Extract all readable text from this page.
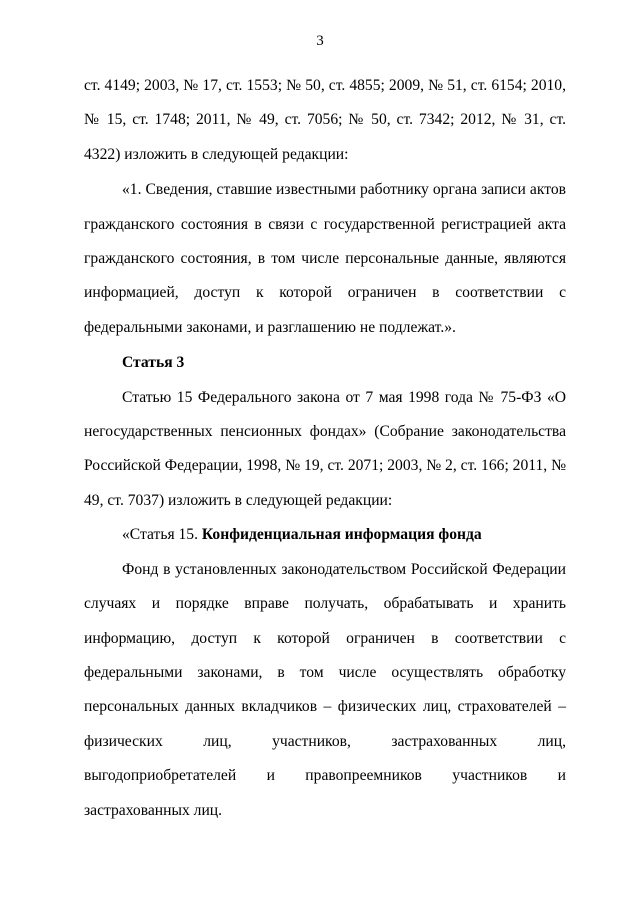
3

ст. 4149; 2003, № 17, ст. 1553; № 50, ст. 4855; 2009, № 51, ст. 6154; 2010, № 15, ст. 1748; 2011, № 49, ст. 7056; № 50, ст. 7342; 2012, № 31, ст. 4322) изложить в следующей редакции:

«1. Сведения, ставшие известными работнику органа записи актов гражданского состояния в связи с государственной регистрацией акта гражданского состояния, в том числе персональные данные, являются информацией, доступ к которой ограничен в соответствии с федеральными законами, и разглашению не подлежат.».

Статья 3

Статью 15 Федерального закона от 7 мая 1998 года № 75-ФЗ «О негосударственных пенсионных фондах» (Собрание законодательства Российской Федерации, 1998, № 19, ст. 2071; 2003, № 2, ст. 166; 2011, № 49, ст. 7037) изложить в следующей редакции:

«Статья 15. Конфиденциальная информация фонда

Фонд в установленных законодательством Российской Федерации случаях и порядке вправе получать, обрабатывать и хранить информацию, доступ к которой ограничен в соответствии с федеральными законами, в том числе осуществлять обработку персональных данных вкладчиков – физических лиц, страхователей – физических лиц, участников, застрахованных лиц, выгодоприобретателей и правопреемников участников и застрахованных лиц.
